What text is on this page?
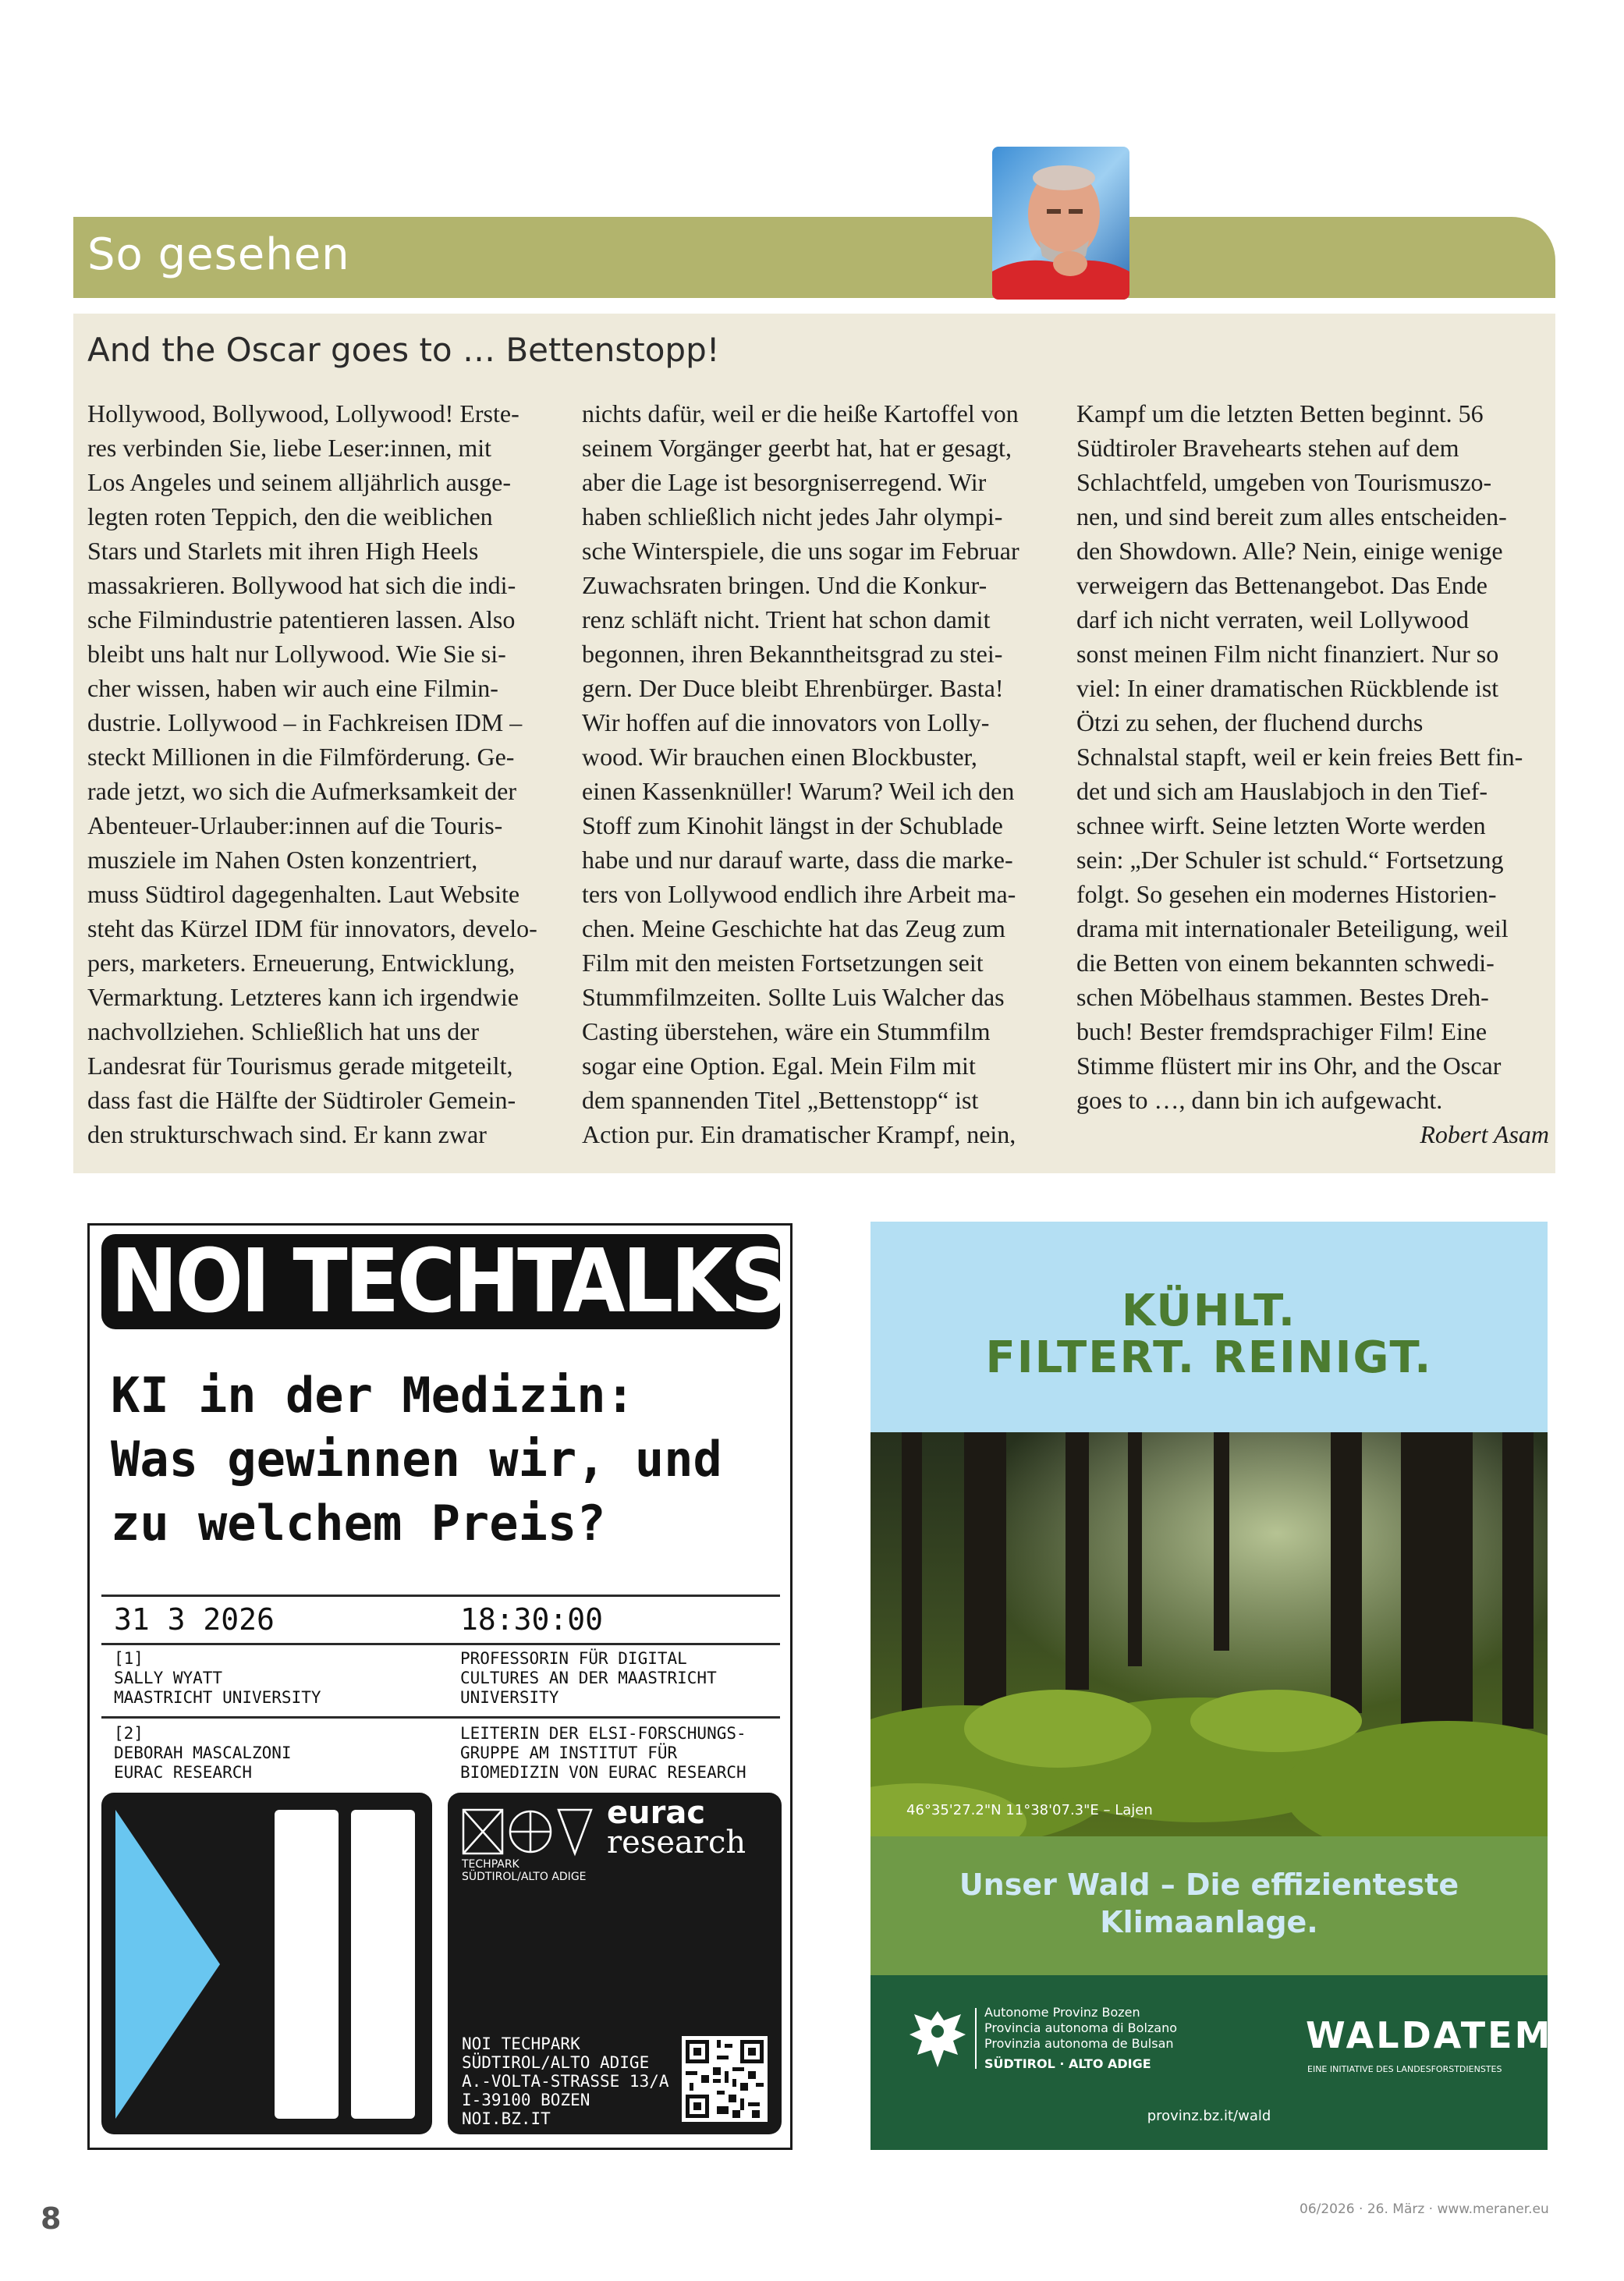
So gesehen
And the Oscar goes to … Bettenstopp!

Hollywood, Bollywood, Lollywood! Erste-

res verbinden Sie, liebe Leser:innen, mit

Los Angeles und seinem alljährlich ausge-

legten roten Teppich, den die weiblichen

Stars und Starlets mit ihren High Heels

massakrieren. Bollywood hat sich die indi-

sche Filmindustrie patentieren lassen. Also

bleibt uns halt nur Lollywood. Wie Sie si-

cher wissen, haben wir auch eine Filmin-

dustrie. Lollywood – in Fachkreisen IDM –

steckt Millionen in die Filmförderung. Ge-

rade jetzt, wo sich die Aufmerksamkeit der

Abenteuer-Urlauber:innen auf die Touris-

musziele im Nahen Osten konzentriert,

muss Südtirol dagegenhalten. Laut Website

steht das Kürzel IDM für innovators, develo-

pers, marketers. Erneuerung, Entwicklung,

Vermarktung. Letzteres kann ich irgendwie

nachvollziehen. Schließlich hat uns der

Landesrat für Tourismus gerade mitgeteilt,

dass fast die Hälfte der Südtiroler Gemein-

den strukturschwach sind. Er kann zwar

nichts dafür, weil er die heiße Kartoffel von

seinem Vorgänger geerbt hat, hat er gesagt,

aber die Lage ist besorgniserregend. Wir

haben schließlich nicht jedes Jahr olympi-

sche Winterspiele, die uns sogar im Februar

Zuwachsraten bringen. Und die Konkur-

renz schläft nicht. Trient hat schon damit

begonnen, ihren Bekanntheitsgrad zu stei-

gern. Der Duce bleibt Ehrenbürger. Basta!

Wir hoffen auf die innovators von Lolly-

wood. Wir brauchen einen Blockbuster,

einen Kassenknüller! Warum? Weil ich den

Stoff zum Kinohit längst in der Schublade

habe und nur darauf warte, dass die marke-

ters von Lollywood endlich ihre Arbeit ma-

chen. Meine Geschichte hat das Zeug zum

Film mit den meisten Fortsetzungen seit

Stummfilmzeiten. Sollte Luis Walcher das

Casting überstehen, wäre ein Stummfilm

sogar eine Option. Egal. Mein Film mit

dem spannenden Titel „Bettenstopp“ ist

Action pur. Ein dramatischer Krampf, nein,

Kampf um die letzten Betten beginnt. 56

Südtiroler Bravehearts stehen auf dem

Schlachtfeld, umgeben von Tourismuszo-

nen, und sind bereit zum alles entscheiden-

den Showdown. Alle? Nein, einige wenige

verweigern das Bettenangebot. Das Ende

darf ich nicht verraten, weil Lollywood

sonst meinen Film nicht finanziert. Nur so

viel: In einer dramatischen Rückblende ist

Ötzi zu sehen, der fluchend durchs

Schnalstal stapft, weil er kein freies Bett fin-

det und sich am Hauslabjoch in den Tief-

schnee wirft. Seine letzten Worte werden

sein: „Der Schuler ist schuld.“ Fortsetzung

folgt. So gesehen ein modernes Historien-

drama mit internationaler Beteiligung, weil

die Betten von einem bekannten schwedi-

schen Möbelhaus stammen. Bestes Dreh-

buch! Bester fremdsprachiger Film! Eine

Stimme flüstert mir ins Ohr, and the Oscar

goes to …, dann bin ich aufgewacht.

Robert Asam

NOI TECHTALKS
KI in der Medizin:
Was gewinnen wir, und
zu welchem Preis?
31 3 2026	18:30:00
[1]
SALLY WYATT
MAASTRICHT UNIVERSITY
PROFESSORIN FÜR DIGITAL
CULTURES AN DER MAASTRICHT
UNIVERSITY
[2]
DEBORAH MASCALZONI
EURAC RESEARCH
LEITERIN DER ELSI-FORSCHUNGS-
GRUPPE AM INSTITUT FÜR
BIOMEDIZIN VON EURAC RESEARCH
TECHPARK
SÜDTIROL/ALTO ADIGE
eurac
research
NOI TECHPARK
SÜDTIROL/ALTO ADIGE
A.-VOLTA-STRASSE 13/A
I-39100 BOZEN
NOI.BZ.IT
KÜHLT.
FILTERT. REINIGT.
46°35'27.2"N 11°38'07.3"E – Lajen
Unser Wald – Die effizienteste
Klimaanlage.
Autonome Provinz Bozen
Provincia autonoma di Bolzano
Provinzia autonoma de Bulsan
SÜDTIROL · ALTO ADIGE
WALDATEM
EINE INITIATIVE DES LANDESFORSTDIENSTES
provinz.bz.it/wald
8	06/2026 · 26. März · www.meraner.eu
